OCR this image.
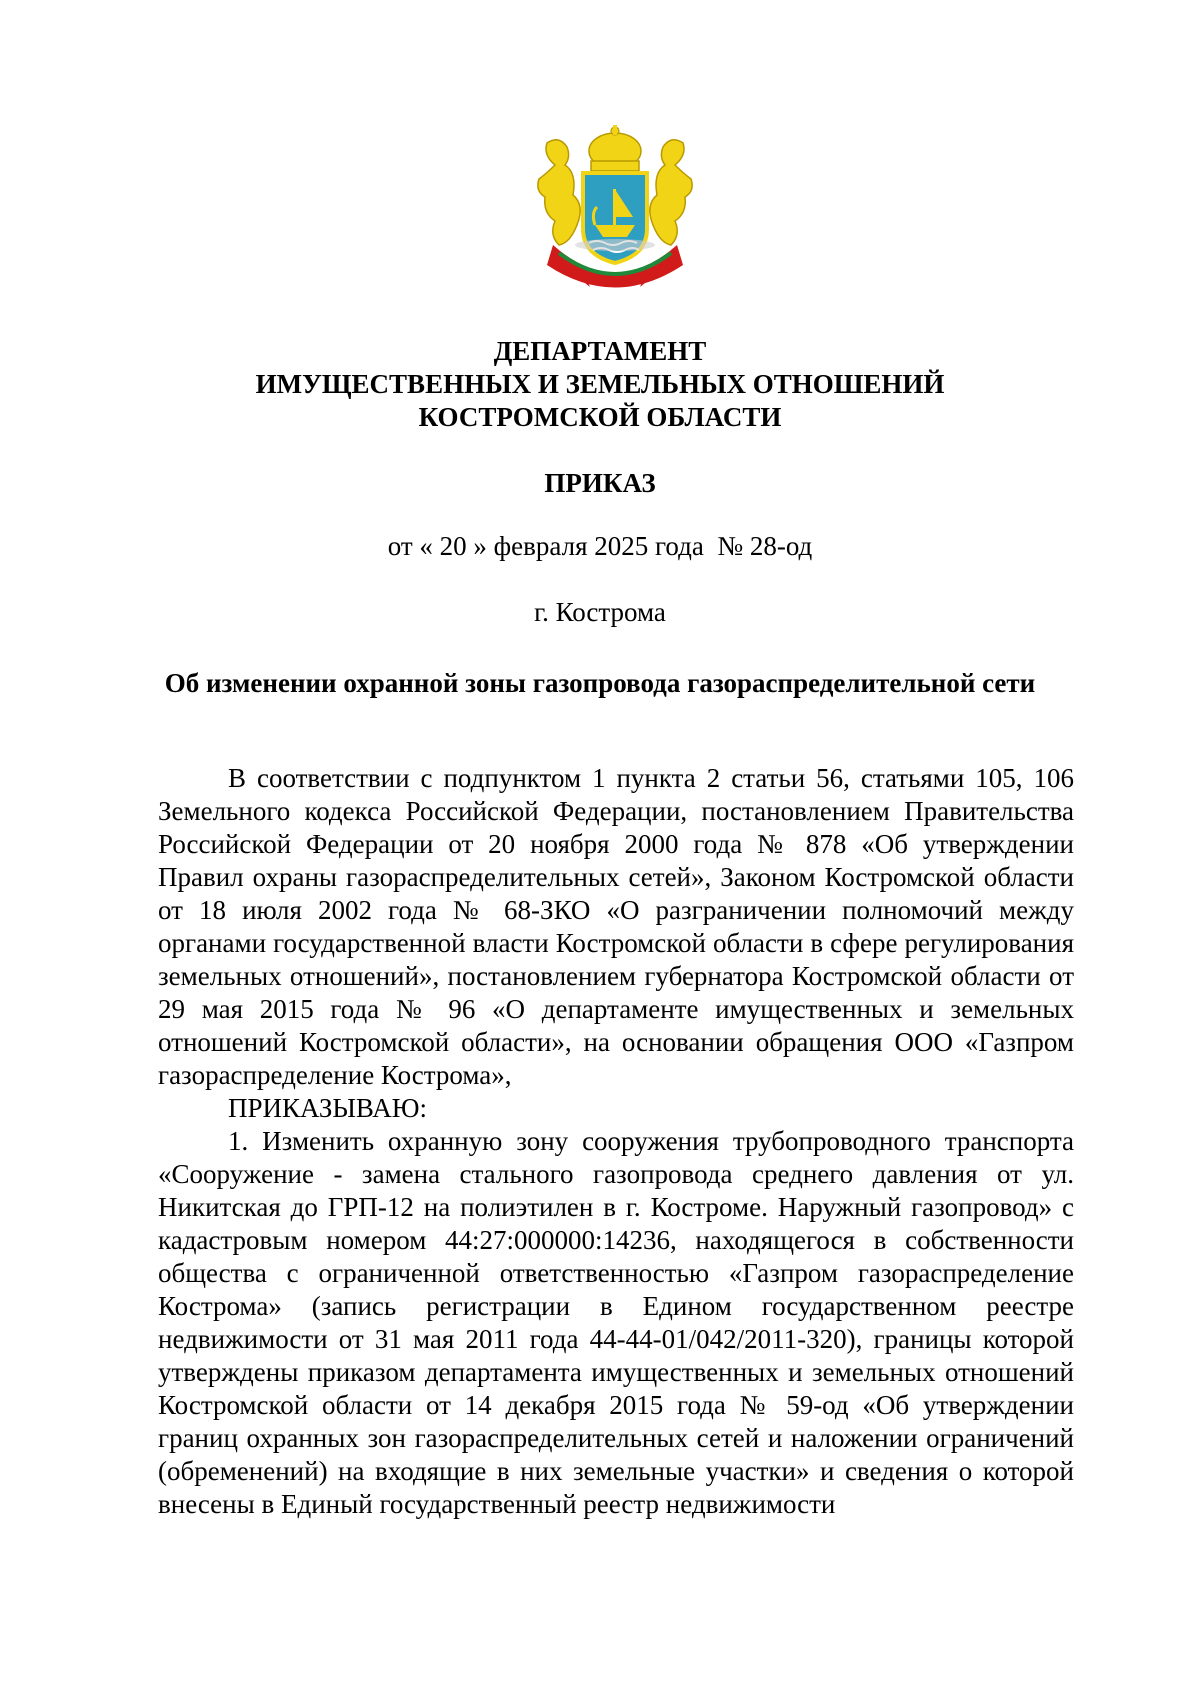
ДЕПАРТАМЕНТ
ИМУЩЕСТВЕННЫХ И ЗЕМЕЛЬНЫХ ОТНОШЕНИЙ
КОСТРОМСКОЙ ОБЛАСТИ
ПРИКАЗ
от « 20 » февраля 2025 года  № 28-од
г. Кострома
Об изменении охранной зоны газопровода газораспределительной сети

В соответствии с подпунктом 1 пункта 2 статьи 56, статьями 105, 106 Земельного кодекса Российской Федерации, постановлением Правительства Российской Федерации от 20 ноября 2000 года № 878 «Об утверждении Правил охраны газораспределительных сетей», Законом Костромской области от 18 июля 2002 года № 68-ЗКО «О разграничении полномочий между органами государственной власти Костромской области в сфере регулирования земельных отношений», постановлением губернатора Костромской области от 29 мая 2015 года № 96 «О департаменте имущественных и земельных отношений Костромской области», на основании обращения ООО «Газпром газораспределение Кострома»,

ПРИКАЗЫВАЮ:

1. Изменить охранную зону сооружения трубопроводного транспорта «Сооружение - замена стального газопровода среднего давления от ул. Никитская до ГРП-12 на полиэтилен в г. Костроме. Наружный газопровод» с кадастровым номером 44:27:000000:14236, находящегося в собственности общества с ограниченной ответственностью «Газпром газораспределение Кострома» (запись регистрации в Едином государственном реестре недвижимости от 31 мая 2011 года 44-44-01/042/2011-320), границы которой утверждены приказом департамента имущественных и земельных отношений Костромской области от 14 декабря 2015 года № 59-од «Об утверждении границ охранных зон газораспределительных сетей и наложении ограничений (обременений) на входящие в них земельные участки» и сведения о которой внесены в Единый государственный реестр недвижимости
